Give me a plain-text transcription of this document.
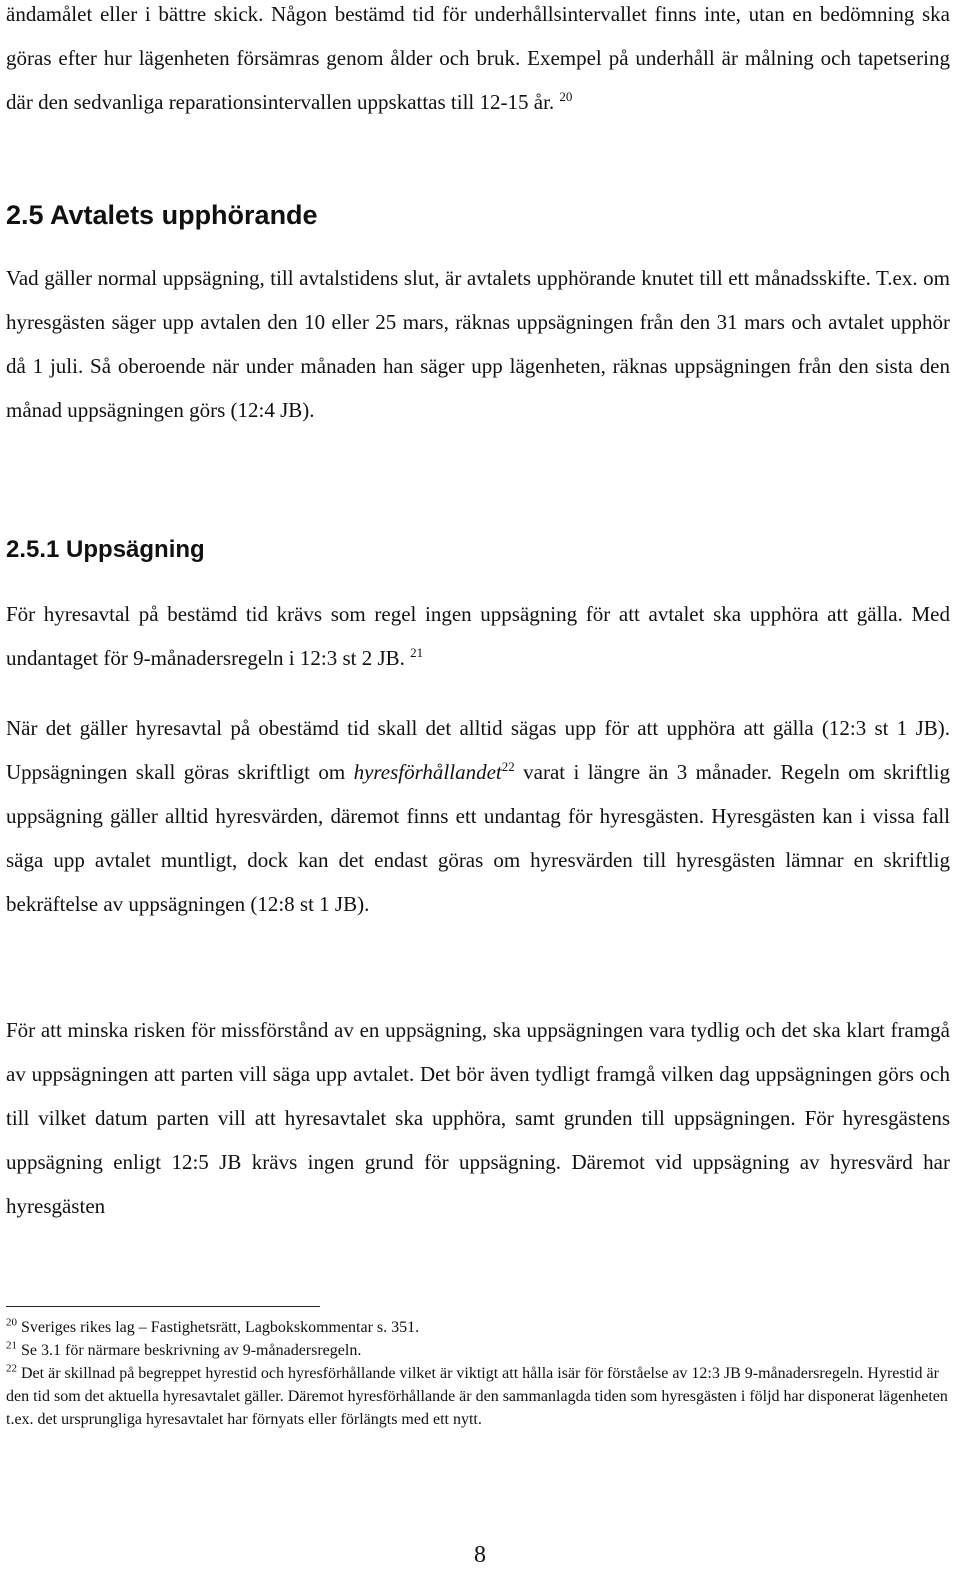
ändamålet eller i bättre skick. Någon bestämd tid för underhållsintervallet finns inte, utan en bedömning ska göras efter hur lägenheten försämras genom ålder och bruk. Exempel på underhåll är målning och tapetsering där den sedvanliga reparationsintervallen uppskattas till 12-15 år. $^{20}$

2.5 Avtalets upphörande

Vad gäller normal uppsägning, till avtalstidens slut, är avtalets upphörande knutet till ett månadsskifte. T.ex. om hyresgästen säger upp avtalen den 10 eller 25 mars, räknas uppsägningen från den 31 mars och avtalet upphör då 1 juli. Så oberoende när under månaden han säger upp lägenheten, räknas uppsägningen från den sista den månad uppsägningen görs (12:4 JB).

2.5.1 Uppsägning

För hyresavtal på bestämd tid krävs som regel ingen uppsägning för att avtalet ska upphöra att gälla. Med undantaget för 9-månadersregeln i 12:3 st 2 JB. $^{21}$

När det gäller hyresavtal på obestämd tid skall det alltid sägas upp för att upphöra att gälla (12:3 st 1 JB). Uppsägningen skall göras skriftligt om hyresförhållandet$^{22}$ varat i längre än 3 månader. Regeln om skriftlig uppsägning gäller alltid hyresvärden, däremot finns ett undantag för hyresgästen. Hyresgästen kan i vissa fall säga upp avtalet muntligt, dock kan det endast göras om hyresvärden till hyresgästen lämnar en skriftlig bekräftelse av uppsägningen (12:8 st 1 JB).

För att minska risken för missförstånd av en uppsägning, ska uppsägningen vara tydlig och det ska klart framgå av uppsägningen att parten vill säga upp avtalet. Det bör även tydligt framgå vilken dag uppsägningen görs och till vilket datum parten vill att hyresavtalet ska upphöra, samt grunden till uppsägningen. För hyresgästens uppsägning enligt 12:5 JB krävs ingen grund för uppsägning. Däremot vid uppsägning av hyresvärd har hyresgästen

$^{20}$ Sveriges rikes lag – Fastighetsrätt, Lagbokskommentar s. 351.

$^{21}$ Se 3.1 för närmare beskrivning av 9-månadersregeln.

$^{22}$ Det är skillnad på begreppet hyrestid och hyresförhållande vilket är viktigt att hålla isär för förståelse av 12:3 JB 9-månadersregeln. Hyrestid är den tid som det aktuella hyresavtalet gäller. Däremot hyresförhållande är den sammanlagda tiden som hyresgästen i följd har disponerat lägenheten t.ex. det ursprungliga hyresavtalet har förnyats eller förlängts med ett nytt.

8
